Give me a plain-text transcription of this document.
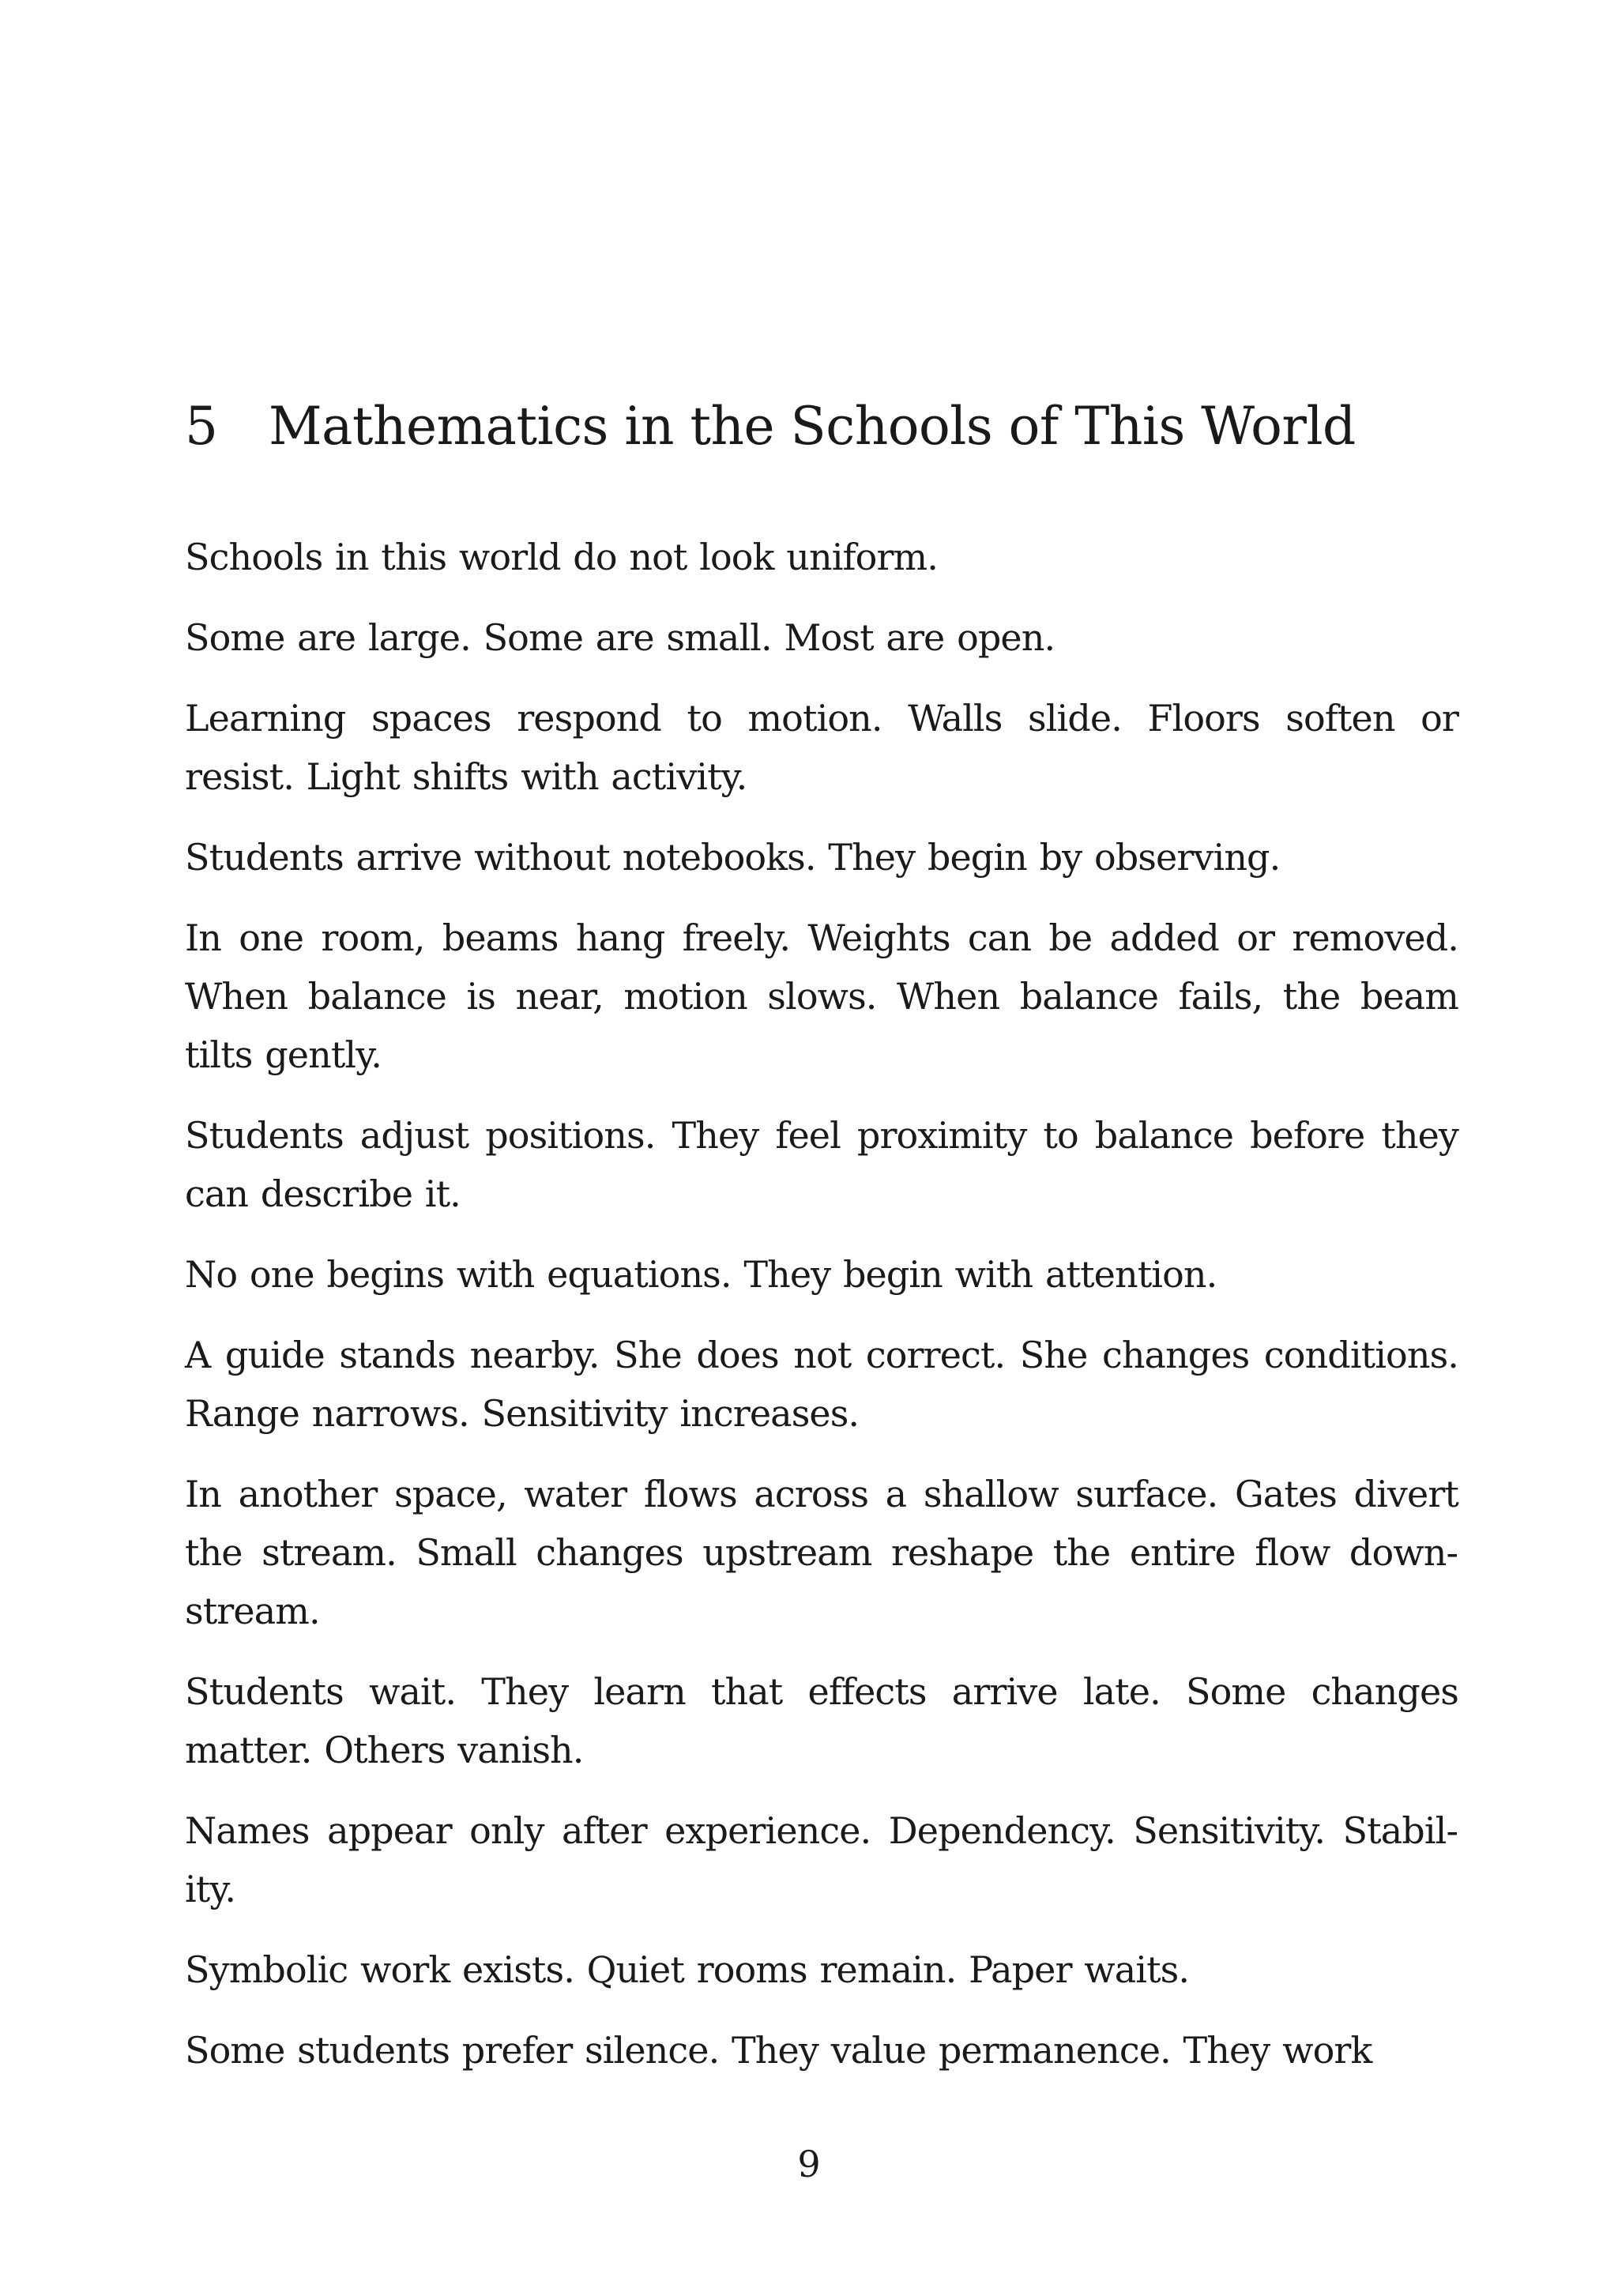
5 Mathematics in the Schools of This World

Schools in this world do not look uniform.

Some are large. Some are small. Most are open.

Learning spaces respond to motion. Walls slide. Floors soften or resist. Light shifts with activity.

Students arrive without notebooks. They begin by observing.

In one room, beams hang freely. Weights can be added or removed. When balance is near, motion slows. When balance fails, the beam tilts gently.

Students adjust positions. They feel proximity to balance before they can describe it.

No one begins with equations. They begin with attention.

A guide stands nearby. She does not correct. She changes conditions. Range narrows. Sensitivity increases.

In another space, water flows across a shallow surface. Gates divert the stream. Small changes upstream reshape the entire flow downstream.

Students wait. They learn that effects arrive late. Some changes matter. Others vanish.

Names appear only after experience. Dependency. Sensitivity. Stability.

Symbolic work exists. Quiet rooms remain. Paper waits.

Some students prefer silence. They value permanence. They work

9
